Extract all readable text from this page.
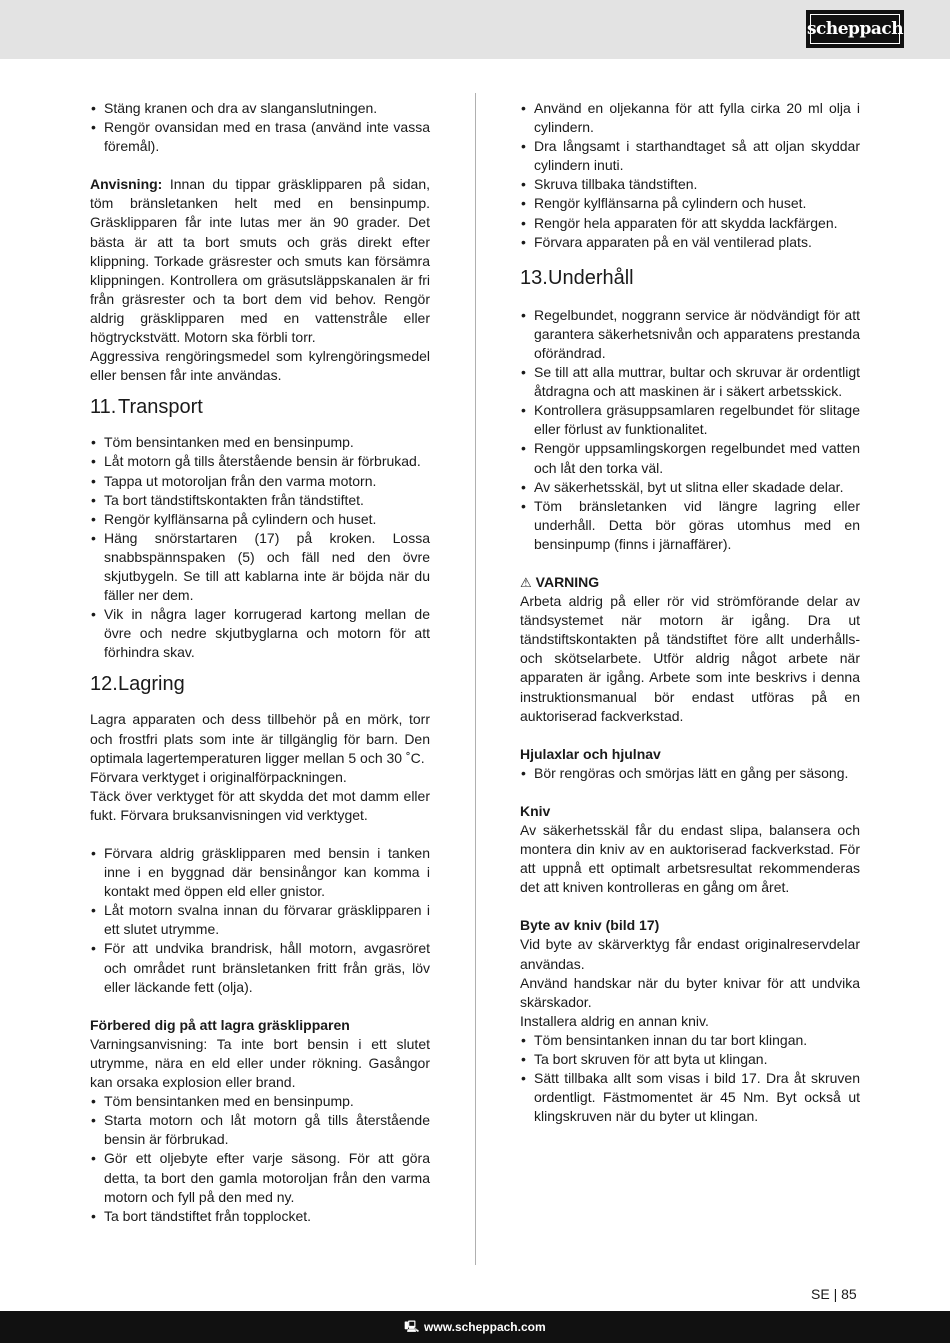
scheppach
• Stäng kranen och dra av slanganslutningen.
• Rengör ovansidan med en trasa (använd inte vassa föremål).

Anvisning: Innan du tippar gräsklipparen på sidan, töm bränsletanken helt med en bensinpump. Gräsklipparen får inte lutas mer än 90 grader. Det bästa är att ta bort smuts och gräs direkt efter klippning. Torkade gräsrester och smuts kan försämra klippningen. Kontrollera om gräsutsläppskanalen är fri från gräsrester och ta bort dem vid behov. Rengör aldrig gräsklipparen med en vattenstråle eller högtryckstvätt. Motorn ska förbli torr.

Aggressiva rengöringsmedel som kylrengöringsmedel eller bensen får inte användas.

11. Transport
• Töm bensintanken med en bensinpump.
• Låt motorn gå tills återstående bensin är förbrukad.
• Tappa ut motoroljan från den varma motorn.
• Ta bort tändstiftskontakten från tändstiftet.
• Rengör kylflänsarna på cylindern och huset.
• Häng snörstartaren (17) på kroken. Lossa snabbspännspaken (5) och fäll ned den övre skjutbygeln. Se till att kablarna inte är böjda när du fäller ner dem.
• Vik in några lager korrugerad kartong mellan de övre och nedre skjutbyglarna och motorn för att förhindra skav.
12. Lagring

Lagra apparaten och dess tillbehör på en mörk, torr och frostfri plats som inte är tillgänglig för barn. Den optimala lagertemperaturen ligger mellan 5 och 30 ˚C.

Förvara verktyget i originalförpackningen.

Täck över verktyget för att skydda det mot damm eller fukt. Förvara bruksanvisningen vid verktyget.

• Förvara aldrig gräsklipparen med bensin i tanken inne i en byggnad där bensinångor kan komma i kontakt med öppen eld eller gnistor.
• Låt motorn svalna innan du förvarar gräsklipparen i ett slutet utrymme.
• För att undvika brandrisk, håll motorn, avgasröret och området runt bränsletanken fritt från gräs, löv eller läckande fett (olja).

Förbered dig på att lagra gräsklipparen

Varningsanvisning: Ta inte bort bensin i ett slutet utrymme, nära en eld eller under rökning. Gasångor kan orsaka explosion eller brand.

• Töm bensintanken med en bensinpump.
• Starta motorn och låt motorn gå tills återstående bensin är förbrukad.
• Gör ett oljebyte efter varje säsong. För att göra detta, ta bort den gamla motoroljan från den varma motorn och fyll på den med ny.
• Ta bort tändstiftet från topplocket.
• Använd en oljekanna för att fylla cirka 20 ml olja i cylindern.
• Dra långsamt i starthandtaget så att oljan skyddar cylindern inuti.
• Skruva tillbaka tändstiften.
• Rengör kylflänsarna på cylindern och huset.
• Rengör hela apparaten för att skydda lackfärgen.
• Förvara apparaten på en väl ventilerad plats.
13. Underhåll
• Regelbundet, noggrann service är nödvändigt för att garantera säkerhetsnivån och apparatens prestanda oförändrad.
• Se till att alla muttrar, bultar och skruvar är ordentligt åtdragna och att maskinen är i säkert arbetsskick.
• Kontrollera gräsuppsamlaren regelbundet för slitage eller förlust av funktionalitet.
• Rengör uppsamlingskorgen regelbundet med vatten och låt den torka väl.
• Av säkerhetsskäl, byt ut slitna eller skadade delar.
• Töm bränsletanken vid längre lagring eller underhåll. Detta bör göras utomhus med en bensinpump (finns i järnaffärer).

⚠ VARNING

Arbeta aldrig på eller rör vid strömförande delar av tändsystemet när motorn är igång. Dra ut tändstiftskontakten på tändstiftet före allt underhålls- och skötselarbete. Utför aldrig något arbete när apparaten är igång. Arbete som inte beskrivs i denna instruktionsmanual bör endast utföras på en auktoriserad fackverkstad.

Hjulaxlar och hjulnav

• Bör rengöras och smörjas lätt en gång per säsong.

Kniv

Av säkerhetsskäl får du endast slipa, balansera och montera din kniv av en auktoriserad fackverkstad. För att uppnå ett optimalt arbetsresultat rekommenderas det att kniven kontrolleras en gång om året.

Byte av kniv (bild 17)

Vid byte av skärverktyg får endast originalreservdelar användas.

Använd handskar när du byter knivar för att undvika skärskador.

Installera aldrig en annan kniv.

• Töm bensintanken innan du tar bort klingan.
• Ta bort skruven för att byta ut klingan.
• Sätt tillbaka allt som visas i bild 17. Dra åt skruven ordentligt. Fästmomentet är 45 Nm. Byt också ut klingskruven när du byter ut klingan.
SE | 85
🖳 www.scheppach.com
